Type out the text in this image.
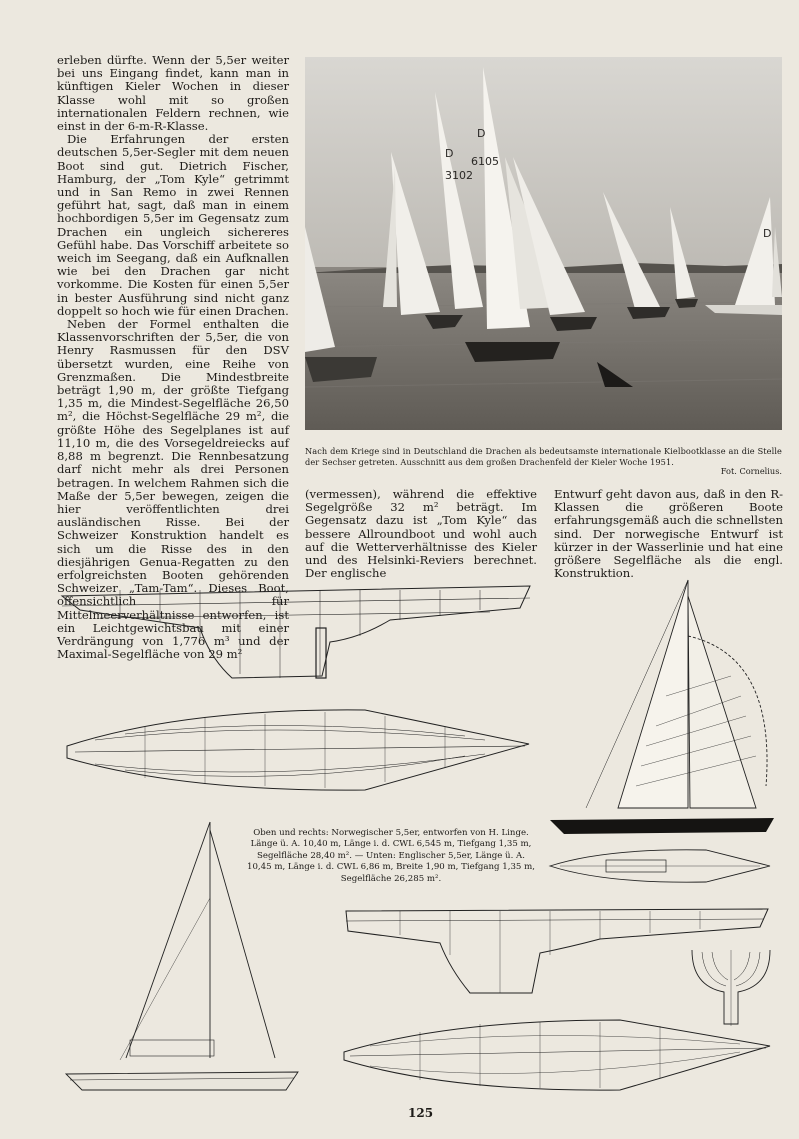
erleben dürfte. Wenn der 5,5er weiter bei uns Eingang findet, kann man in künftigen Kieler Wochen in dieser Klasse wohl mit so großen internationalen Feldern rechnen, wie einst in der 6-m-R-Klasse.

Die Erfahrungen der ersten deutschen 5,5er-Segler mit dem neuen Boot sind gut. Dietrich Fischer, Hamburg, der „Tom Kyle“ getrimmt und in San Remo in zwei Rennen geführt hat, sagt, daß man in einem hochbordigen 5,5er im Gegensatz zum Drachen ein ungleich sichereres Gefühl habe. Das Vorschiff arbeitete so weich im Seegang, daß ein Aufknallen wie bei den Drachen gar nicht vorkomme. Die Kosten für einen 5,5er in bester Ausführung sind nicht ganz doppelt so hoch wie für einen Drachen.

Neben der Formel enthalten die Klassenvorschriften der 5,5er, die von Henry Rasmussen für den DSV übersetzt wurden, eine Reihe von Grenzmaßen. Die Mindestbreite beträgt 1,90 m, der größte Tiefgang 1,35 m, die Mindest-Segelfläche 26,50 m², die Höchst-Segelfläche 29 m², die größte Höhe des Segelplanes ist auf 11,10 m, die des Vorsegeldreiecks auf 8,88 m begrenzt. Die Rennbesatzung darf nicht mehr als drei Personen betragen. In welchem Rahmen sich die Maße der 5,5er bewegen, zeigen die hier veröffentlichten drei ausländischen Risse. Bei der Schweizer Konstruktion handelt es sich um die Risse des in den diesjährigen Genua-Regatten zu den erfolgreichsten Booten gehörenden Schweizer „Tam-Tam“. Dieses Boot, offensichtlich für Mittelmeerverhältnisse entworfen, ist ein Leichtgewichtsbau mit einer Verdrängung von 1,776 m³ und der Maximal-Segelfläche von 29 m²

D
6105
D
3102
D
Nach dem Kriege sind in Deutschland die Drachen als bedeutsamste internationale Kielbootklasse an die Stelle der Sechser getreten. Ausschnitt aus dem großen Drachenfeld der Kieler Woche 1951.
Fot. Cornelius.

(vermessen), während die effektive Segelgröße 32 m² beträgt. Im Gegensatz dazu ist „Tom Kyle“ das bessere Allroundboot und wohl auch auf die Wetterverhältnisse des Kieler und des Helsinki-Reviers berechnet. Der englische

Entwurf geht davon aus, daß in den R-Klassen die größeren Boote erfahrungsgemäß auch die schnellsten sind. Der norwegische Entwurf ist kürzer in der Wasserlinie und hat eine größere Segelfläche als die engl. Konstruktion.

Oben und rechts: Norwegischer 5,5er, entworfen von H. Linge. Länge ü. A. 10,40 m, Länge i. d. CWL 6,545 m, Tiefgang 1,35 m, Segelfläche 28,40 m². — Unten: Englischer 5,5er, Länge ü. A. 10,45 m, Länge i. d. CWL 6,86 m, Breite 1,90 m, Tiefgang 1,35 m, Segelfläche 26,285 m².
125
